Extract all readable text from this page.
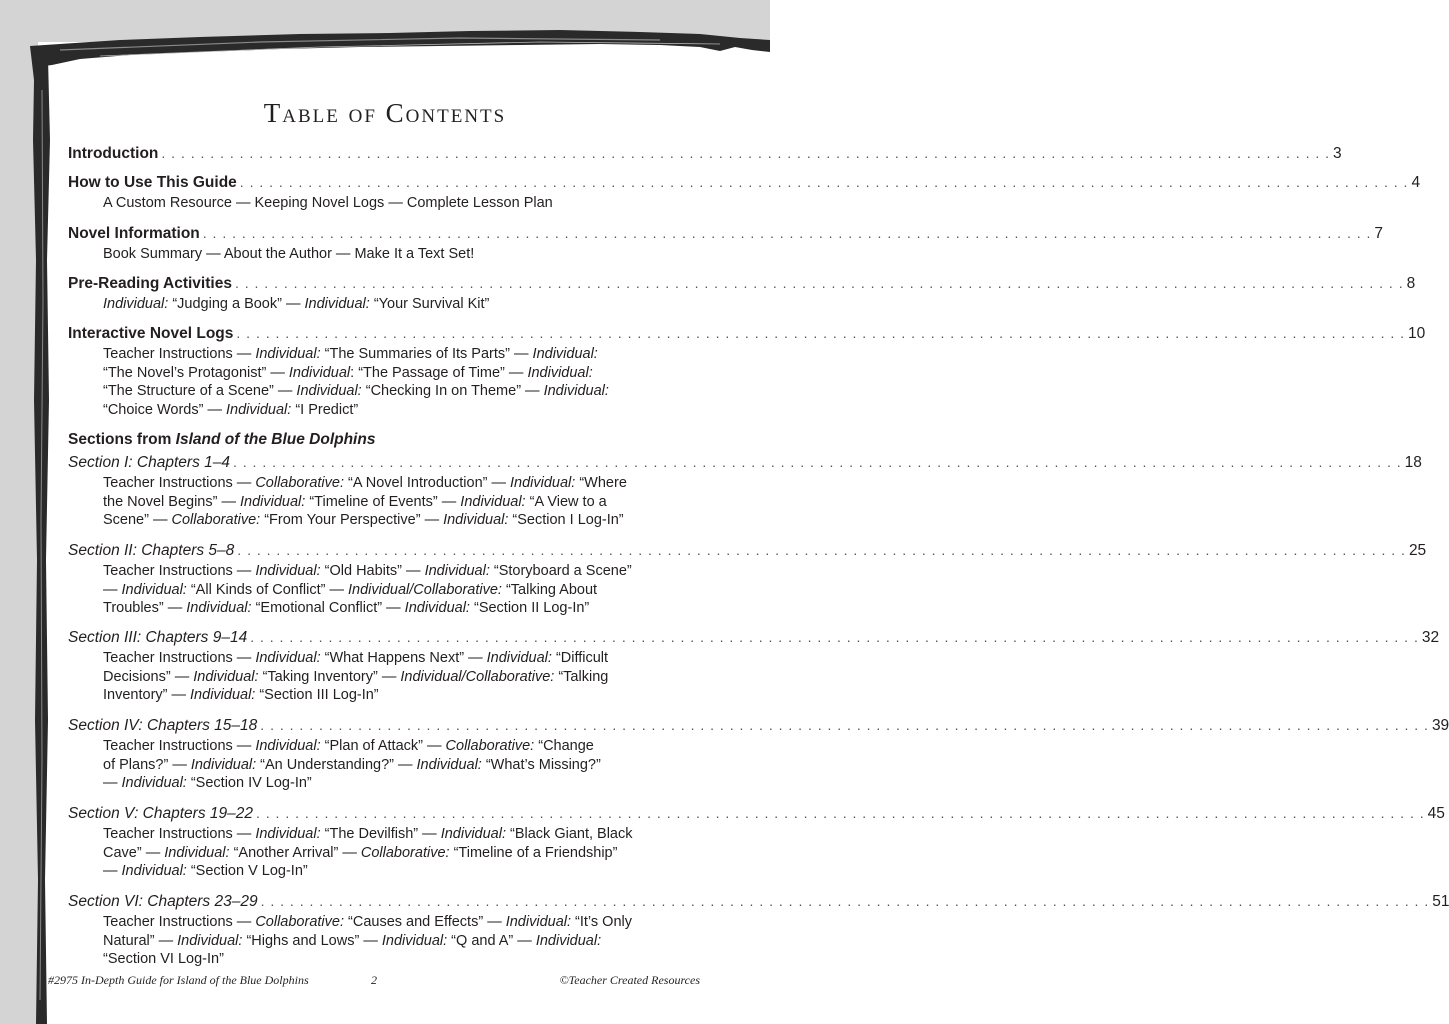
Table of Contents
Introduction . . . . . . . . . . . . . . . . . . . . . . . . . . . . . . . . . . . . . . . . . . . . . . . . . . . . . . . . . . . . . . . . . . . . . . . . . . . . . . . . . . . . . . . . . . . . . . . . . . . . . . . . . . . . . . . . . . . . . . . . 3
How to Use This Guide . . . . . . . . . . . . . . . . . . . . . . . . . . . . . . . . . . . . . . . . . . . . . . . . . . . . . . . . . . . . . . . . . . . . . . . . . . . . . . . . . . . . . . . . . . . . . . . . . . . . . . . . . . . . . . . . . . . . . . . . 4
A Custom Resource — Keeping Novel Logs — Complete Lesson Plan
Novel Information . . . . . . . . . . . . . . . . . . . . . . . . . . . . . . . . . . . . . . . . . . . . . . . . . . . . . . . . . . . . . . . . . . . . . . . . . . . . . . . . . . . . . . . . . . . . . . . . . . . . . . . . . . . . . . . . . . . . . . . . 7
Book Summary — About the Author — Make It a Text Set!
Pre-Reading Activities . . . . . . . . . . . . . . . . . . . . . . . . . . . . . . . . . . . . . . . . . . . . . . . . . . . . . . . . . . . . . . . . . . . . . . . . . . . . . . . . . . . . . . . . . . . . . . . . . . . . . . . . . . . . . . . . . . . . . . . . 8
Individual: “Judging a Book” — Individual: “Your Survival Kit”
Interactive Novel Logs . . . . . . . . . . . . . . . . . . . . . . . . . . . . . . . . . . . . . . . . . . . . . . . . . . . . . . . . . . . . . . . . . . . . . . . . . . . . . . . . . . . . . . . . . . . . . . . . . . . . . . . . . . . . . . . . . . . . . . . . 10
Teacher Instructions — Individual: “The Summaries of Its Parts” — Individual:
“The Novel’s Protagonist” — Individual: “The Passage of Time” — Individual:
“The Structure of a Scene” — Individual: “Checking In on Theme” — Individual:
“Choice Words” — Individual: “I Predict”
Sections from Island of the Blue Dolphins
Section I: Chapters 1–4 . . . . . . . . . . . . . . . . . . . . . . . . . . . . . . . . . . . . . . . . . . . . . . . . . . . . . . . . . . . . . . . . . . . . . . . . . . . . . . . . . . . . . . . . . . . . . . . . . . . . . . . . . . . . . . . . . . . . . . . . 18
Teacher Instructions — Collaborative: “A Novel Introduction” — Individual: “Where
the Novel Begins” — Individual: “Timeline of Events” — Individual: “A View to a
Scene” — Collaborative: “From Your Perspective” — Individual: “Section I Log-In”
Section II: Chapters 5–8 . . . . . . . . . . . . . . . . . . . . . . . . . . . . . . . . . . . . . . . . . . . . . . . . . . . . . . . . . . . . . . . . . . . . . . . . . . . . . . . . . . . . . . . . . . . . . . . . . . . . . . . . . . . . . . . . . . . . . . . . 25
Teacher Instructions — Individual: “Old Habits” — Individual: “Storyboard a Scene”
— Individual: “All Kinds of Conflict” — Individual/Collaborative: “Talking About
Troubles” — Individual: “Emotional Conflict” — Individual: “Section II Log-In”
Section III: Chapters 9–14 . . . . . . . . . . . . . . . . . . . . . . . . . . . . . . . . . . . . . . . . . . . . . . . . . . . . . . . . . . . . . . . . . . . . . . . . . . . . . . . . . . . . . . . . . . . . . . . . . . . . . . . . . . . . . . . . . . . . . . . . 32
Teacher Instructions — Individual: “What Happens Next” — Individual: “Difficult
Decisions” — Individual: “Taking Inventory” — Individual/Collaborative: “Talking
Inventory” — Individual: “Section III Log-In”
Section IV: Chapters 15–18 . . . . . . . . . . . . . . . . . . . . . . . . . . . . . . . . . . . . . . . . . . . . . . . . . . . . . . . . . . . . . . . . . . . . . . . . . . . . . . . . . . . . . . . . . . . . . . . . . . . . . . . . . . . . . . . . . . . . . . . . 39
Teacher Instructions — Individual: “Plan of Attack” — Collaborative: “Change
of Plans?” — Individual: “An Understanding?” — Individual: “What’s Missing?”
— Individual: “Section IV Log-In”
Section V: Chapters 19–22 . . . . . . . . . . . . . . . . . . . . . . . . . . . . . . . . . . . . . . . . . . . . . . . . . . . . . . . . . . . . . . . . . . . . . . . . . . . . . . . . . . . . . . . . . . . . . . . . . . . . . . . . . . . . . . . . . . . . . . . . 45
Teacher Instructions — Individual: “The Devilfish” — Individual: “Black Giant, Black
Cave” — Individual: “Another Arrival” — Collaborative: “Timeline of a Friendship”
— Individual: “Section V Log-In”
Section VI: Chapters 23–29 . . . . . . . . . . . . . . . . . . . . . . . . . . . . . . . . . . . . . . . . . . . . . . . . . . . . . . . . . . . . . . . . . . . . . . . . . . . . . . . . . . . . . . . . . . . . . . . . . . . . . . . . . . . . . . . . . . . . . . . . 51
Teacher Instructions — Collaborative: “Causes and Effects” — Individual: “It’s Only
Natural” — Individual: “Highs and Lows” — Individual: “Q and A” — Individual:
“Section VI Log-In”
#2975 In-Depth Guide for Island of the Blue Dolphins	2	©Teacher Created Resources
